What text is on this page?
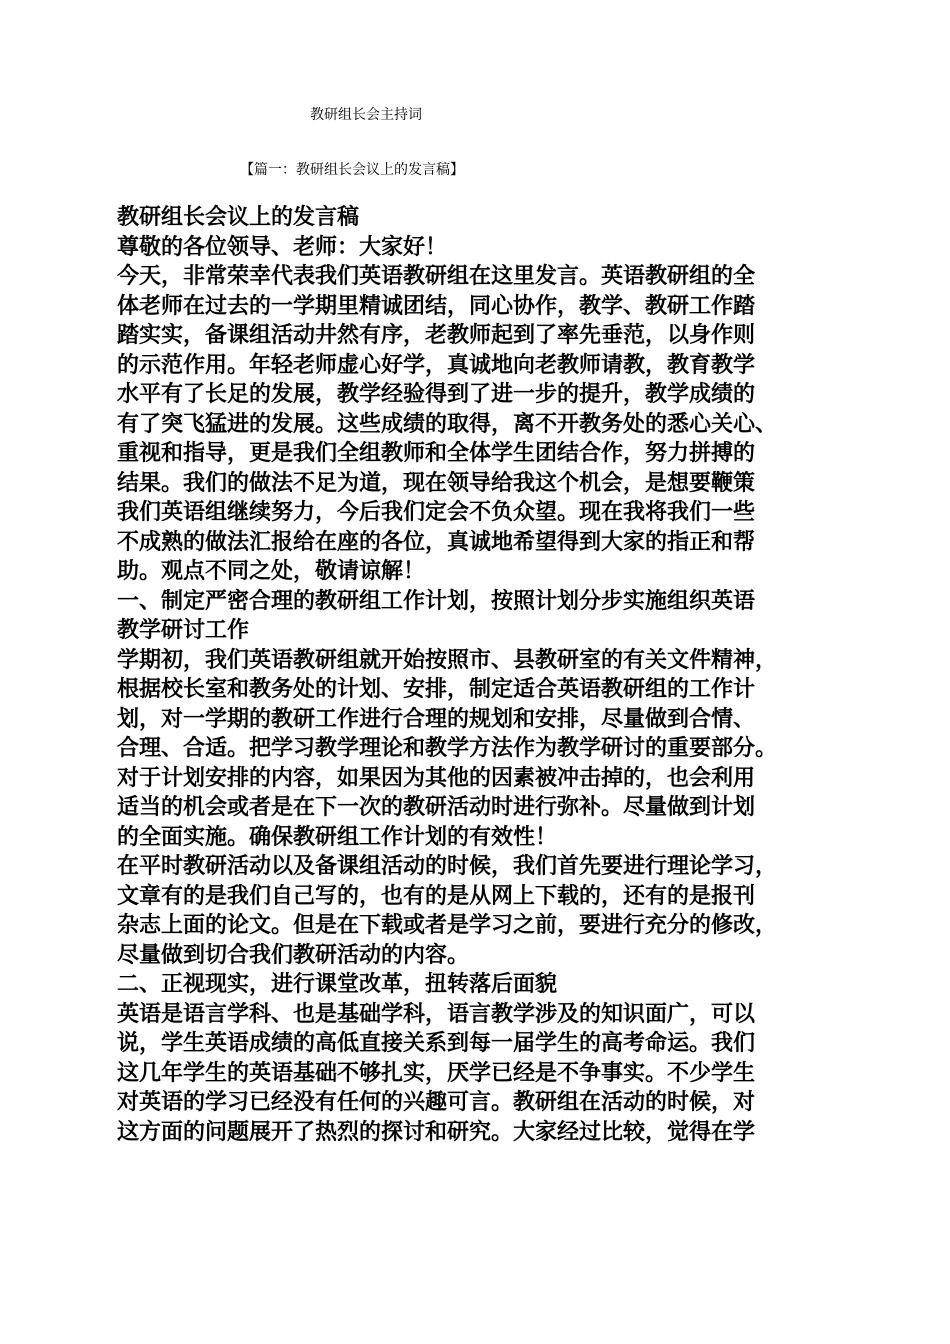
教研组长会主持词
【篇一：教研组长会议上的发言稿】
教研组长会议上的发言稿
尊敬的各位领导、老师：大家好！
今天，非常荣幸代表我们英语教研组在这里发言。英语教研组的全
体老师在过去的一学期里精诚团结，同心协作，教学、教研工作踏
踏实实，备课组活动井然有序，老教师起到了率先垂范，以身作则
的示范作用。年轻老师虚心好学，真诚地向老教师请教，教育教学
水平有了长足的发展，教学经验得到了进一步的提升，教学成绩的
有了突飞猛进的发展。这些成绩的取得，离不开教务处的悉心关心、
重视和指导，更是我们全组教师和全体学生团结合作，努力拼搏的
结果。我们的做法不足为道，现在领导给我这个机会，是想要鞭策
我们英语组继续努力，今后我们定会不负众望。现在我将我们一些
不成熟的做法汇报给在座的各位，真诚地希望得到大家的指正和帮
助。观点不同之处，敬请谅解！
一、制定严密合理的教研组工作计划，按照计划分步实施组织英语
教学研讨工作
学期初，我们英语教研组就开始按照市、县教研室的有关文件精神，
根据校长室和教务处的计划、安排，制定适合英语教研组的工作计
划，对一学期的教研工作进行合理的规划和安排，尽量做到合情、
合理、合适。把学习教学理论和教学方法作为教学研讨的重要部分。
对于计划安排的内容，如果因为其他的因素被冲击掉的，也会利用
适当的机会或者是在下一次的教研活动时进行弥补。尽量做到计划
的全面实施。确保教研组工作计划的有效性！
在平时教研活动以及备课组活动的时候，我们首先要进行理论学习，
文章有的是我们自己写的，也有的是从网上下载的，还有的是报刊
杂志上面的论文。但是在下载或者是学习之前，要进行充分的修改，
尽量做到切合我们教研活动的内容。
二、正视现实，进行课堂改革，扭转落后面貌
英语是语言学科、也是基础学科，语言教学涉及的知识面广，可以
说，学生英语成绩的高低直接关系到每一届学生的高考命运。我们
这几年学生的英语基础不够扎实，厌学已经是不争事实。不少学生
对英语的学习已经没有任何的兴趣可言。教研组在活动的时候，对
这方面的问题展开了热烈的探讨和研究。大家经过比较，觉得在学
